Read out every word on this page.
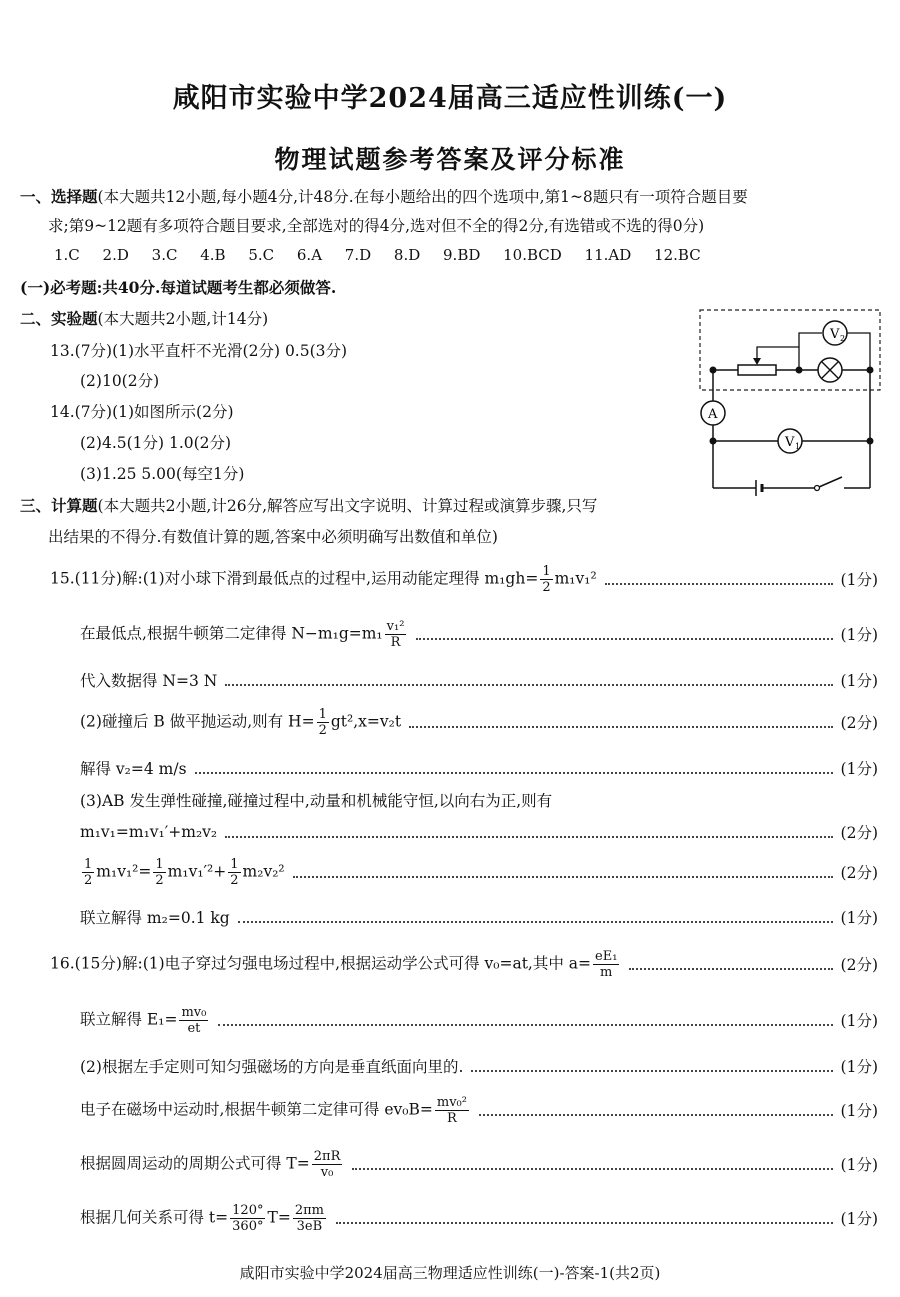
咸阳市实验中学2024届高三适应性训练(一)
物理试题参考答案及评分标准
一、选择题(本大题共12小题,每小题4分,计48分.在每小题给出的四个选项中,第1~8题只有一项符合题目要
求;第9~12题有多项符合题目要求,全部选对的得4分,选对但不全的得2分,有选错或不选的得0分)
1.C 2.D 3.C 4.B 5.C 6.A 7.D 8.D 9.BD 10.BCD 11.AD 12.BC
(一)必考题:共40分.每道试题考生都必须做答.
二、实验题(本大题共2小题,计14分)
13.(7分)(1)水平直杆不光滑(2分) 0.5(3分)
(2)10(2分)
14.(7分)(1)如图所示(2分)
(2)4.5(1分) 1.0(2分)
(3)1.25 5.00(每空1分)
V 2
A
V 1
三、计算题(本大题共2小题,计26分,解答应写出文字说明、计算过程或演算步骤,只写
出结果的不得分.有数值计算的题,答案中必须明确写出数值和单位)
15.(11分)解:(1)对小球下滑到最低点的过程中,运用动能定理得 $m_1gh= \frac{1}{2} m_1v_1^2$	(1分)
在最低点,根据牛顿第二定律得 $N-m_1g=m_1 \frac{\text{v₁²}}{R}$	(1分)
代入数据得 N=3 N	(1分)
(2)碰撞后 B 做平抛运动,则有 $H= \frac{1}{2} gt^2,x=v_2t$	(2分)
解得 v₂=4 m/s	(1分)
(3)AB 发生弹性碰撞,碰撞过程中,动量和机械能守恒,以向右为正,则有
m₁v₁=m₁v₁′+m₂v₂	(2分)
$\frac{1}{2} m_1v_1^2= \frac{1}{2} m_1v_1'^2+ \frac{1}{2} m_2v_2^2$	(2分)
联立解得 m₂=0.1 kg	(1分)
16.(15分)解:(1)电子穿过匀强电场过程中,根据运动学公式可得 v₀=at,其中 $a= \frac{\text{eE₁}}{m}$	(2分)
联立解得 $E_1= \frac{\text{mv₀}}{et}$	(1分)
(2)根据左手定则可知匀强磁场的方向是垂直纸面向里的.	(1分)
电子在磁场中运动时,根据牛顿第二定律可得 $ev_0B= \frac{\text{mv₀²}}{R}$	(1分)
根据圆周运动的周期公式可得 $T= \frac{2\pi R}{\text{v₀}}$	(1分)
根据几何关系可得 $t= \frac{120^\circ}{360^\circ} T= \frac{2\pi m}{3eB}$	(1分)
咸阳市实验中学2024届高三物理适应性训练(一)-答案-1(共2页)
